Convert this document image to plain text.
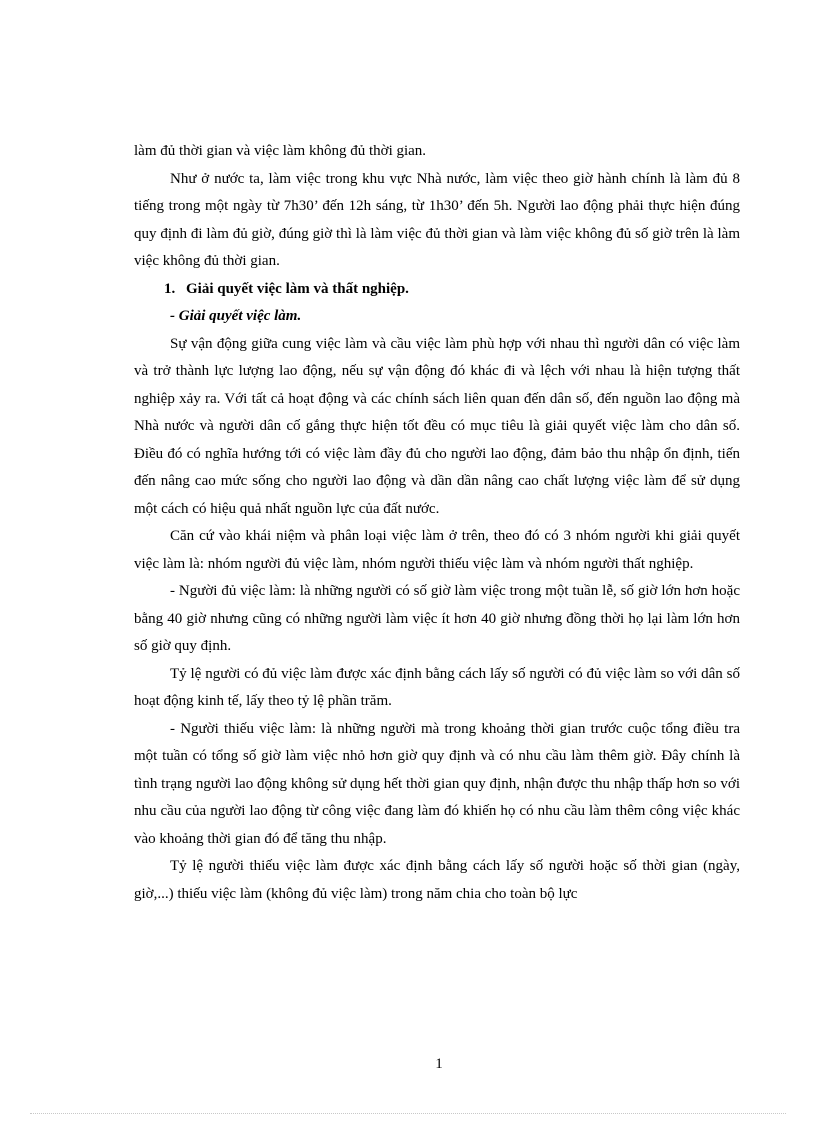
làm đủ thời gian và việc làm không đủ thời gian.

Như ở nước ta, làm việc trong khu vực Nhà nước, làm việc theo giờ hành chính là làm đủ 8 tiếng trong một ngày từ 7h30’ đến 12h sáng, từ 1h30’ đến 5h. Người lao động phải thực hiện đúng quy định đi làm đủ giờ, đúng giờ thì là làm việc đủ thời gian và làm việc không đủ số giờ trên là làm việc không đủ thời gian.

1. Giải quyết việc làm và thất nghiệp.

- Giải quyết việc làm.

Sự vận động giữa cung việc làm và cầu việc làm phù hợp với nhau thì người dân có việc làm và trở thành lực lượng lao động, nếu sự vận động đó khác đi và lệch với nhau là hiện tượng thất nghiệp xảy ra. Với tất cả hoạt động và các chính sách liên quan đến dân số, đến nguồn lao động mà Nhà nước và người dân cố gắng thực hiện tốt đều có mục tiêu là giải quyết việc làm cho dân số. Điều đó có nghĩa hướng tới có việc làm đầy đủ cho người lao động, đảm bảo thu nhập ổn định, tiến đến nâng cao mức sống cho người lao động và dần dần nâng cao chất lượng việc làm để sử dụng một cách có hiệu quả nhất nguồn lực của đất nước.

Căn cứ vào khái niệm và phân loại việc làm ở trên, theo đó có 3 nhóm người khi giải quyết việc làm là: nhóm người đủ việc làm, nhóm người thiếu việc làm và nhóm người thất nghiệp.

- Người đủ việc làm: là những người có số giờ làm việc trong một tuần lễ, số giờ lớn hơn hoặc bằng 40 giờ nhưng cũng có những người làm việc ít hơn 40 giờ nhưng đồng thời họ lại làm lớn hơn số giờ quy định.

Tỷ lệ người có đủ việc làm được xác định bằng cách lấy số người có đủ việc làm so với dân số hoạt động kinh tế, lấy theo tỷ lệ phần trăm.

- Người thiếu việc làm: là những người mà trong khoảng thời gian trước cuộc tổng điều tra một tuần có tổng số giờ làm việc nhỏ hơn giờ quy định và có nhu cầu làm thêm giờ. Đây chính là tình trạng người lao động không sử dụng hết thời gian quy định, nhận được thu nhập thấp hơn so với nhu cầu của người lao động từ công việc đang làm đó khiến họ có nhu cầu làm thêm công việc khác vào khoảng thời gian đó để tăng thu nhập.

Tỷ lệ người thiếu việc làm được xác định bằng cách lấy số người hoặc số thời gian (ngày, giờ,...) thiếu việc làm (không đủ việc làm) trong năm chia cho toàn bộ lực

1
